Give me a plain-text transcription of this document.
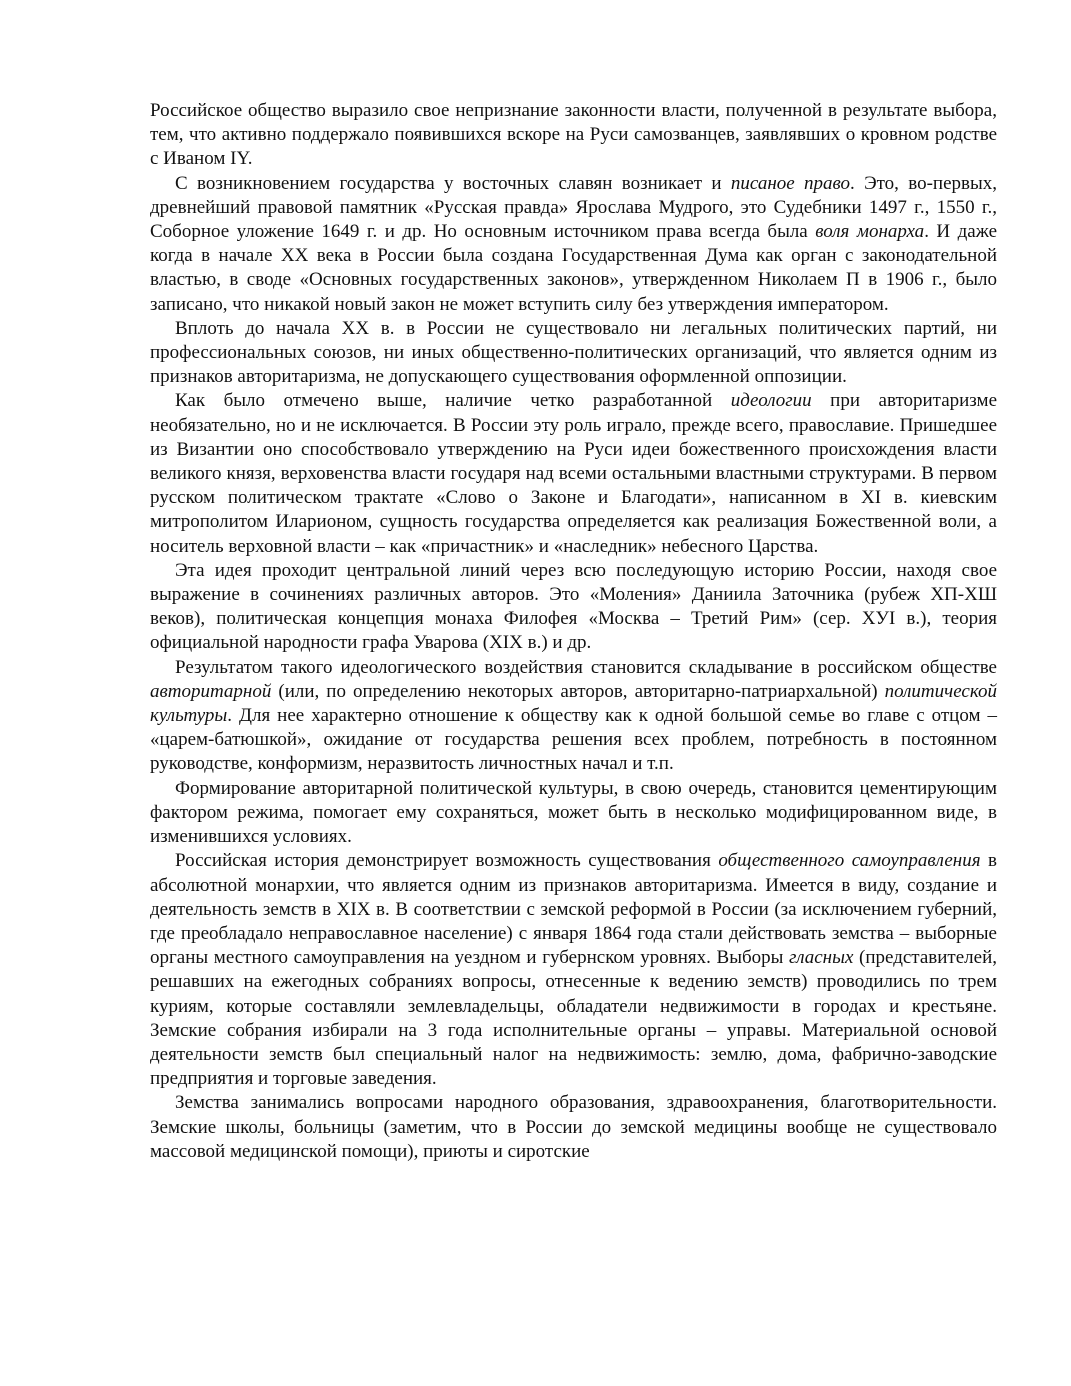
Российское общество выразило свое непризнание законности власти, полученной в результате выбора, тем, что активно поддержало появившихся вскоре на Руси самозванцев, заявлявших о кровном родстве с Иваном IY.

С возникновением государства у восточных славян возникает и писаное право. Это, во-первых, древнейший правовой памятник «Русская правда» Ярослава Мудрого, это Судебники 1497 г., 1550 г., Соборное уложение 1649 г. и др. Но основным источником права всегда была воля монарха. И даже когда в начале ХХ века в России была создана Государственная Дума как орган с законодательной властью, в своде «Основных государственных законов», утвержденном Николаем П в 1906 г., было записано, что никакой новый закон не может вступить силу без утверждения императором.

Вплоть до начала ХХ в. в России не существовало ни легальных политических партий, ни профессиональных союзов, ни иных общественно-политических организаций, что является одним из признаков авторитаризма, не допускающего существования оформленной оппозиции.

Как было отмечено выше, наличие четко разработанной идеологии при авторитаризме необязательно, но и не исключается. В России эту роль играло, прежде всего, православие. Пришедшее из Византии оно способствовало утверждению на Руси идеи божественного происхождения власти великого князя, верховенства власти государя над всеми остальными властными структурами. В первом русском политическом трактате «Слово о Законе и Благодати», написанном в XI в. киевским митрополитом Иларионом, сущность государства определяется как реализация Божественной воли, а носитель верховной власти – как «причастник» и «наследник» небесного Царства.

Эта идея проходит центральной линий через всю последующую историю России, находя свое выражение в сочинениях различных авторов. Это «Моления» Даниила Заточника (рубеж ХП-ХШ веков), политическая концепция монаха Филофея «Москва – Третий Рим» (сер. ХУI в.), теория официальной народности графа Уварова (XIX в.) и др.

Результатом такого идеологического воздействия становится складывание в российском обществе авторитарной (или, по определению некоторых авторов, авторитарно-патриархальной) политической культуры. Для нее характерно отношение к обществу как к одной большой семье во главе с отцом – «царем-батюшкой», ожидание от государства решения всех проблем, потребность в постоянном руководстве, конформизм, неразвитость личностных начал и т.п.

Формирование авторитарной политической культуры, в свою очередь, становится цементирующим фактором режима, помогает ему сохраняться, может быть в несколько модифицированном виде, в изменившихся условиях.

Российская история демонстрирует возможность существования общественного самоуправления в абсолютной монархии, что является одним из признаков авторитаризма. Имеется в виду, создание и деятельность земств в XIX в. В соответствии с земской реформой в России (за исключением губерний, где преобладало неправославное население) с января 1864 года стали действовать земства – выборные органы местного самоуправления на уездном и губернском уровнях. Выборы гласных (представителей, решавших на ежегодных собраниях вопросы, отнесенные к ведению земств) проводились по трем куриям, которые составляли землевладельцы, обладатели недвижимости в городах и крестьяне. Земские собрания избирали на 3 года исполнительные органы – управы. Материальной основой деятельности земств был специальный налог на недвижимость: землю, дома, фабрично-заводские предприятия и торговые заведения.

Земства занимались вопросами народного образования, здравоохранения, благотворительности. Земские школы, больницы (заметим, что в России до земской медицины вообще не существовало массовой медицинской помощи), приюты и сиротские
